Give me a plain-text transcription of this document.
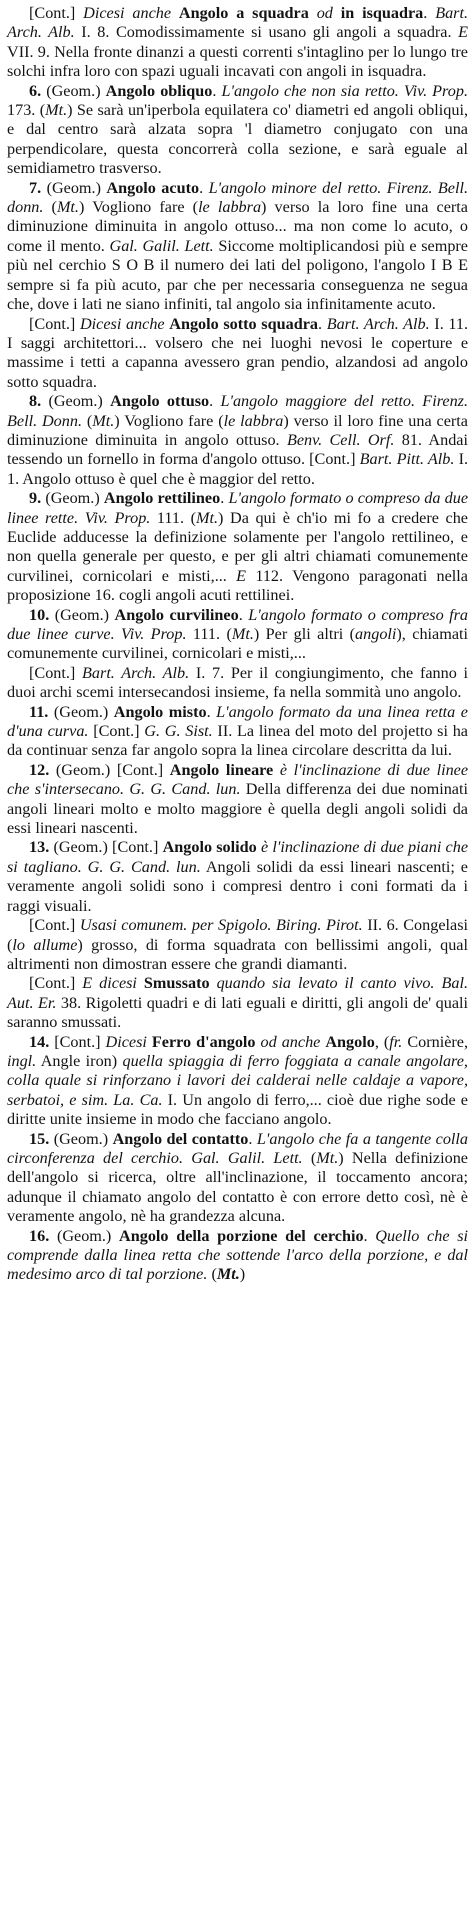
[Cont.] Dicesi anche Angolo a squadra od in isquadra. Bart. Arch. Alb. I. 8. Comodissimamente si usano gli angoli a squadra. E VII. 9. Nella fronte dinanzi a questi correnti s'intaglino per lo lungo tre solchi infra loro con spazi uguali incavati con angoli in isquadra.

6. (Geom.) Angolo obliquo. L'angolo che non sia retto. Viv. Prop. 173. (Mt.) Se sarà un'iperbola equilatera co' diametri ed angoli obliqui, e dal centro sarà alzata sopra 'l diametro conjugato con una perpendicolare, questa concorrerà colla sezione, e sarà eguale al semidiametro trasverso.

7. (Geom.) Angolo acuto. L'angolo minore del retto. Firenz. Bell. donn. (Mt.) Vogliono fare (le labbra) verso la loro fine una certa diminuzione diminuita in angolo ottuso... ma non come lo acuto, o come il mento. Gal. Galil. Lett. Siccome moltiplicandosi più e sempre più nel cerchio S O B il numero dei lati del poligono, l'angolo I B E sempre si fa più acuto, par che per necessaria conseguenza ne segua che, dove i lati ne siano infiniti, tal angolo sia infinitamente acuto.

[Cont.] Dicesi anche Angolo sotto squadra. Bart. Arch. Alb. I. 11. I saggi architettori... volsero che nei luoghi nevosi le coperture e massime i tetti a capanna avessero gran pendio, alzandosi ad angolo sotto squadra.

8. (Geom.) Angolo ottuso. L'angolo maggiore del retto. Firenz. Bell. Donn. (Mt.) Vogliono fare (le labbra) verso il loro fine una certa diminuzione diminuita in angolo ottuso. Benv. Cell. Orf. 81. Andai tessendo un fornello in forma d'angolo ottuso. [Cont.] Bart. Pitt. Alb. I. 1. Angolo ottuso è quel che è maggior del retto.

9. (Geom.) Angolo rettilineo. L'angolo formato o compreso da due linee rette. Viv. Prop. 111. (Mt.) Da qui è ch'io mi fo a credere che Euclide adducesse la definizione solamente per l'angolo rettilineo, e non quella generale per questo, e per gli altri chiamati comunemente curvilinei, cornicolari e misti,... E 112. Vengono paragonati nella proposizione 16. cogli angoli acuti rettilinei.

10. (Geom.) Angolo curvilineo. L'angolo formato o compreso fra due linee curve. Viv. Prop. 111. (Mt.) Per gli altri (angoli), chiamati comunemente curvilinei, cornicolari e misti,...

[Cont.] Bart. Arch. Alb. I. 7. Per il congiungimento, che fanno i duoi archi scemi intersecandosi insieme, fa nella sommità uno angolo.

11. (Geom.) Angolo misto. L'angolo formato da una linea retta e d'una curva. [Cont.] G. G. Sist. II. La linea del moto del projetto si ha da continuar senza far angolo sopra la linea circolare descritta da lui.

12. (Geom.) [Cont.] Angolo lineare è l'inclinazione di due linee che s'intersecano. G. G. Cand. lun. Della differenza dei due nominati angoli lineari molto e molto maggiore è quella degli angoli solidi da essi lineari nascenti.

13. (Geom.) [Cont.] Angolo solido è l'inclinazione di due piani che si tagliano. G. G. Cand. lun. Angoli solidi da essi lineari nascenti; e veramente angoli solidi sono i compresi dentro i coni formati da i raggi visuali.

[Cont.] Usasi comunem. per Spigolo. Biring. Pirot. II. 6. Congelasi (lo allume) grosso, di forma squadrata con bellissimi angoli, qual altrimenti non dimostran essere che grandi diamanti.

[Cont.] E dicesi Smussato quando sia levato il canto vivo. Bal. Aut. Er. 38. Rigoletti quadri e di lati eguali e diritti, gli angoli de' quali saranno smussati.

14. [Cont.] Dicesi Ferro d'angolo od anche Angolo, (fr. Cornière, ingl. Angle iron) quella spiaggia di ferro foggiata a canale angolare, colla quale si rinforzano i lavori dei calderai nelle caldaje a vapore, serbatoi, e sim. La. Ca. I. Un angolo di ferro,... cioè due righe sode e diritte unite insieme in modo che facciano angolo.

15. (Geom.) Angolo del contatto. L'angolo che fa a tangente colla circonferenza del cerchio. Gal. Galil. Lett. (Mt.) Nella definizione dell'angolo si ricerca, oltre all'inclinazione, il toccamento ancora; adunque il chiamato angolo del contatto è con errore detto così, nè è veramente angolo, nè ha grandezza alcuna.

16. (Geom.) Angolo della porzione del cerchio. Quello che si comprende dalla linea retta che sottende l'arco della porzione, e dal medesimo arco di tal porzione. (Mt.)
